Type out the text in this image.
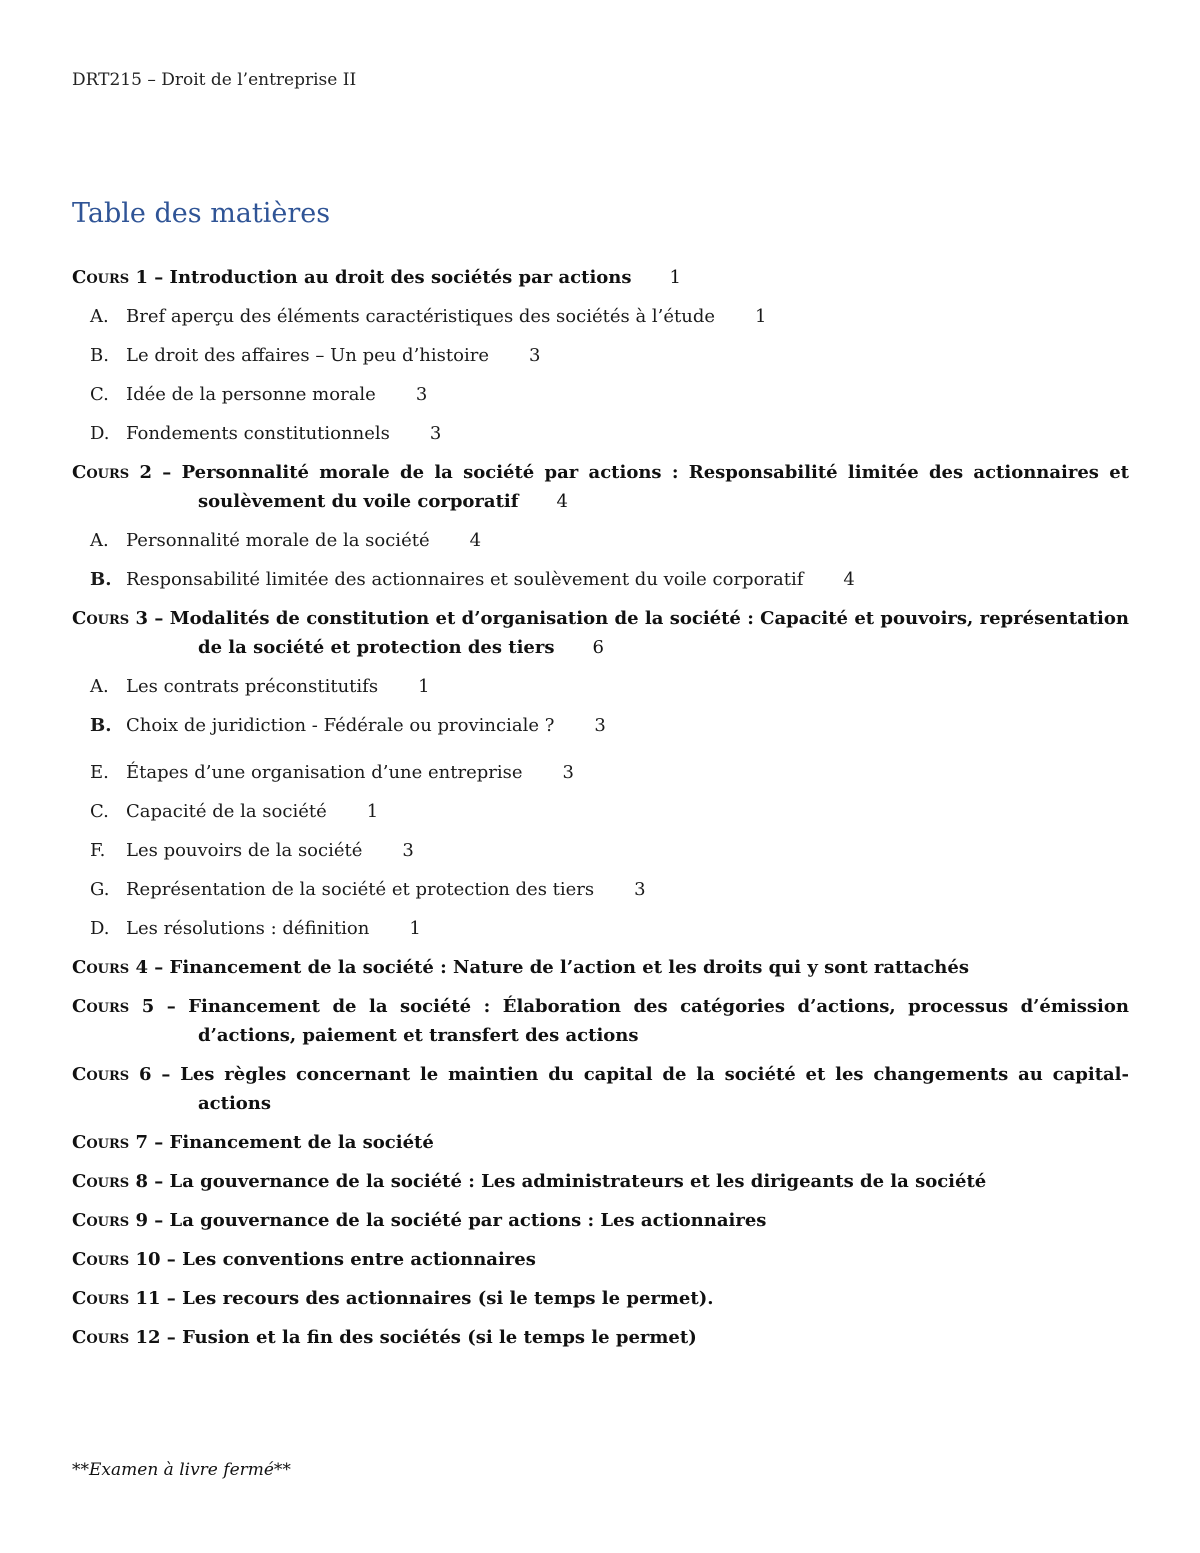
DRT215 – Droit de l’entreprise II
Table des matières
Cours 1 – Introduction au droit des sociétés par actions 1
A. Bref aperçu des éléments caractéristiques des sociétés à l’étude 1
B. Le droit des affaires – Un peu d’histoire 3
C. Idée de la personne morale 3
D. Fondements constitutionnels 3
Cours 2 – Personnalité morale de la société par actions : Responsabilité limitée des actionnaires et soulèvement du voile corporatif 4
A. Personnalité morale de la société 4
B. Responsabilité limitée des actionnaires et soulèvement du voile corporatif 4
Cours 3 – Modalités de constitution et d’organisation de la société : Capacité et pouvoirs, représentation de la société et protection des tiers 6
A. Les contrats préconstitutifs 1
B. Choix de juridiction - Fédérale ou provinciale ? 3
E. Étapes d’une organisation d’une entreprise 3
C. Capacité de la société 1
F.	Les pouvoirs de la société 3
G. Représentation de la société et protection des tiers 3
D. Les résolutions : définition 1
Cours 4 – Financement de la société : Nature de l’action et les droits qui y sont rattachés
Cours 5 – Financement de la société : Élaboration des catégories d’actions, processus d’émission d’actions, paiement et transfert des actions
Cours 6 – Les règles concernant le maintien du capital de la société et les changements au capital-actions
Cours 7 – Financement de la société
Cours 8 – La gouvernance de la société : Les administrateurs et les dirigeants de la société
Cours 9 – La gouvernance de la société par actions : Les actionnaires
Cours 10 – Les conventions entre actionnaires
Cours 11 – Les recours des actionnaires (si le temps le permet).
Cours 12 – Fusion et la fin des sociétés (si le temps le permet)
**Examen à livre fermé**
